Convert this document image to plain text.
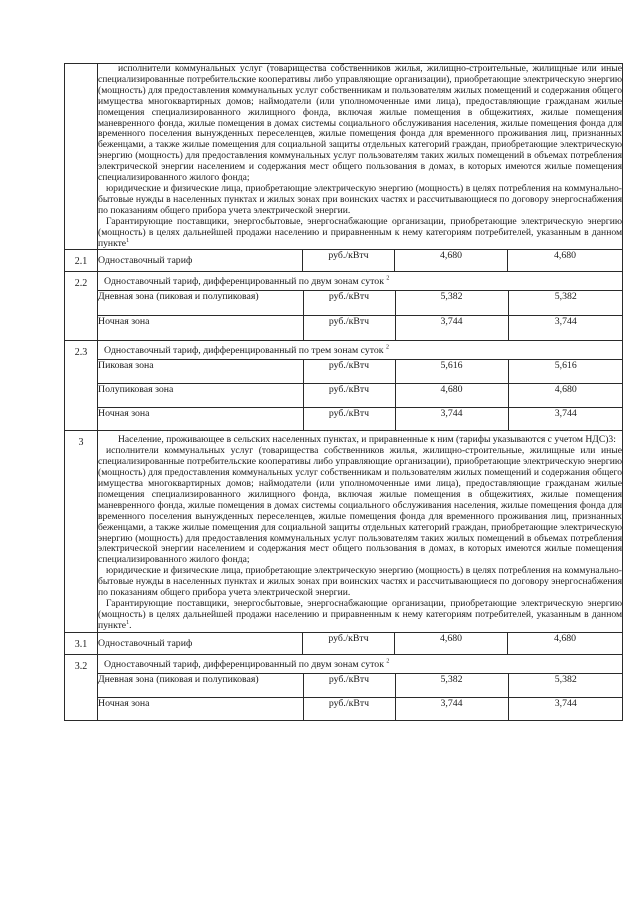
исполнители коммунальных услуг (товарищества собственников жилья, жилищно-строительные, жилищные или иные специализированные потребительские кооперативы либо управляющие организации), приобретающие электрическую энергию (мощность) для предоставления коммунальных услуг собственникам и пользователям жилых помещений и содержания общего имущества многоквартирных домов; наймодатели (или уполномоченные ими лица), предоставляющие гражданам жилые помещения специализированного жилищного фонда, включая жилые помещения в общежитиях, жилые помещения маневренного фонда, жилые помещения в домах системы социального обслуживания населения, жилые помещения фонда для временного поселения вынужденных переселенцев, жилые помещения фонда для временного проживания лиц, признанных беженцами, а также жилые помещения для социальной защиты отдельных категорий граждан, приобретающие электрическую энергию (мощность) для предоставления коммунальных услуг пользователям таких жилых помещений в объемах потребления электрической энергии населением и содержания мест общего пользования в домах, в которых имеются жилые помещения специализированного жилого фонда;

юридические и физические лица, приобретающие электрическую энергию (мощность) в целях потребления на коммунально-бытовые нужды в населенных пунктах и жилых зонах при воинских частях и рассчитывающиеся по договору энергоснабжения по показаниям общего прибора учета электрической энергии.

Гарантирующие поставщики, энергосбытовые, энергоснабжающие организации, приобретающие электрическую энергию (мощность) в целях дальнейшей продажи населению и приравненным к нему категориям потребителей, указанным в данном пункте$^1$

2.1	Одноставочный тариф	руб./кВтч	4,680	4,680
2.2	Одноставочный тариф, дифференцированный по двум зонам суток $^2$
Дневная зона (пиковая и полупиковая)	руб./кВтч	5,382	5,382
Ночная зона	руб./кВтч	3,744	3,744

2.3	Одноставочный тариф, дифференцированный по трем зонам суток $^2$
Пиковая зона	руб./кВтч	5,616	5,616
Полупиковая зона	руб./кВтч	4,680	4,680
Ночная зона	руб./кВтч	3,744	3,744

3	Население, проживающее в сельских населенных пунктах, и приравненные к ним (тарифы указываются с учетом НДС)3:

исполнители коммунальных услуг (товарищества собственников жилья, жилищно-строительные, жилищные или иные специализированные потребительские кооперативы либо управляющие организации), приобретающие электрическую энергию (мощность) для предоставления коммунальных услуг собственникам и пользователям жилых помещений и содержания общего имущества многоквартирных домов; наймодатели (или уполномоченные ими лица), предоставляющие гражданам жилые помещения специализированного жилищного фонда, включая жилые помещения в общежитиях, жилые помещения маневренного фонда, жилые помещения в домах системы социального обслуживания населения, жилые помещения фонда для временного поселения вынужденных переселенцев, жилые помещения фонда для временного проживания лиц, признанных беженцами, а также жилые помещения для социальной защиты отдельных категорий граждан, приобретающие электрическую энергию (мощность) для предоставления коммунальных услуг пользователям таких жилых помещений в объемах потребления электрической энергии населением и содержания мест общего пользования в домах, в которых имеются жилые помещения специализированного жилого фонда;

юридические и физические лица, приобретающие электрическую энергию (мощность) в целях потребления на коммунально-бытовые нужды в населенных пунктах и жилых зонах при воинских частях и рассчитывающиеся по договору энергоснабжения по показаниям общего прибора учета электрической энергии.

Гарантирующие поставщики, энергосбытовые, энергоснабжающие организации, приобретающие электрическую энергию (мощность) в целях дальнейшей продажи населению и приравненным к нему категориям потребителей, указанным в данном пункте$^1$.

3.1	Одноставочный тариф	руб./кВтч	4,680	4,680
3.2	Одноставочный тариф, дифференцированный по двум зонам суток $^2$
Дневная зона (пиковая и полупиковая)	руб./кВтч	5,382	5,382
Ночная зона	руб./кВтч	3,744	3,744
